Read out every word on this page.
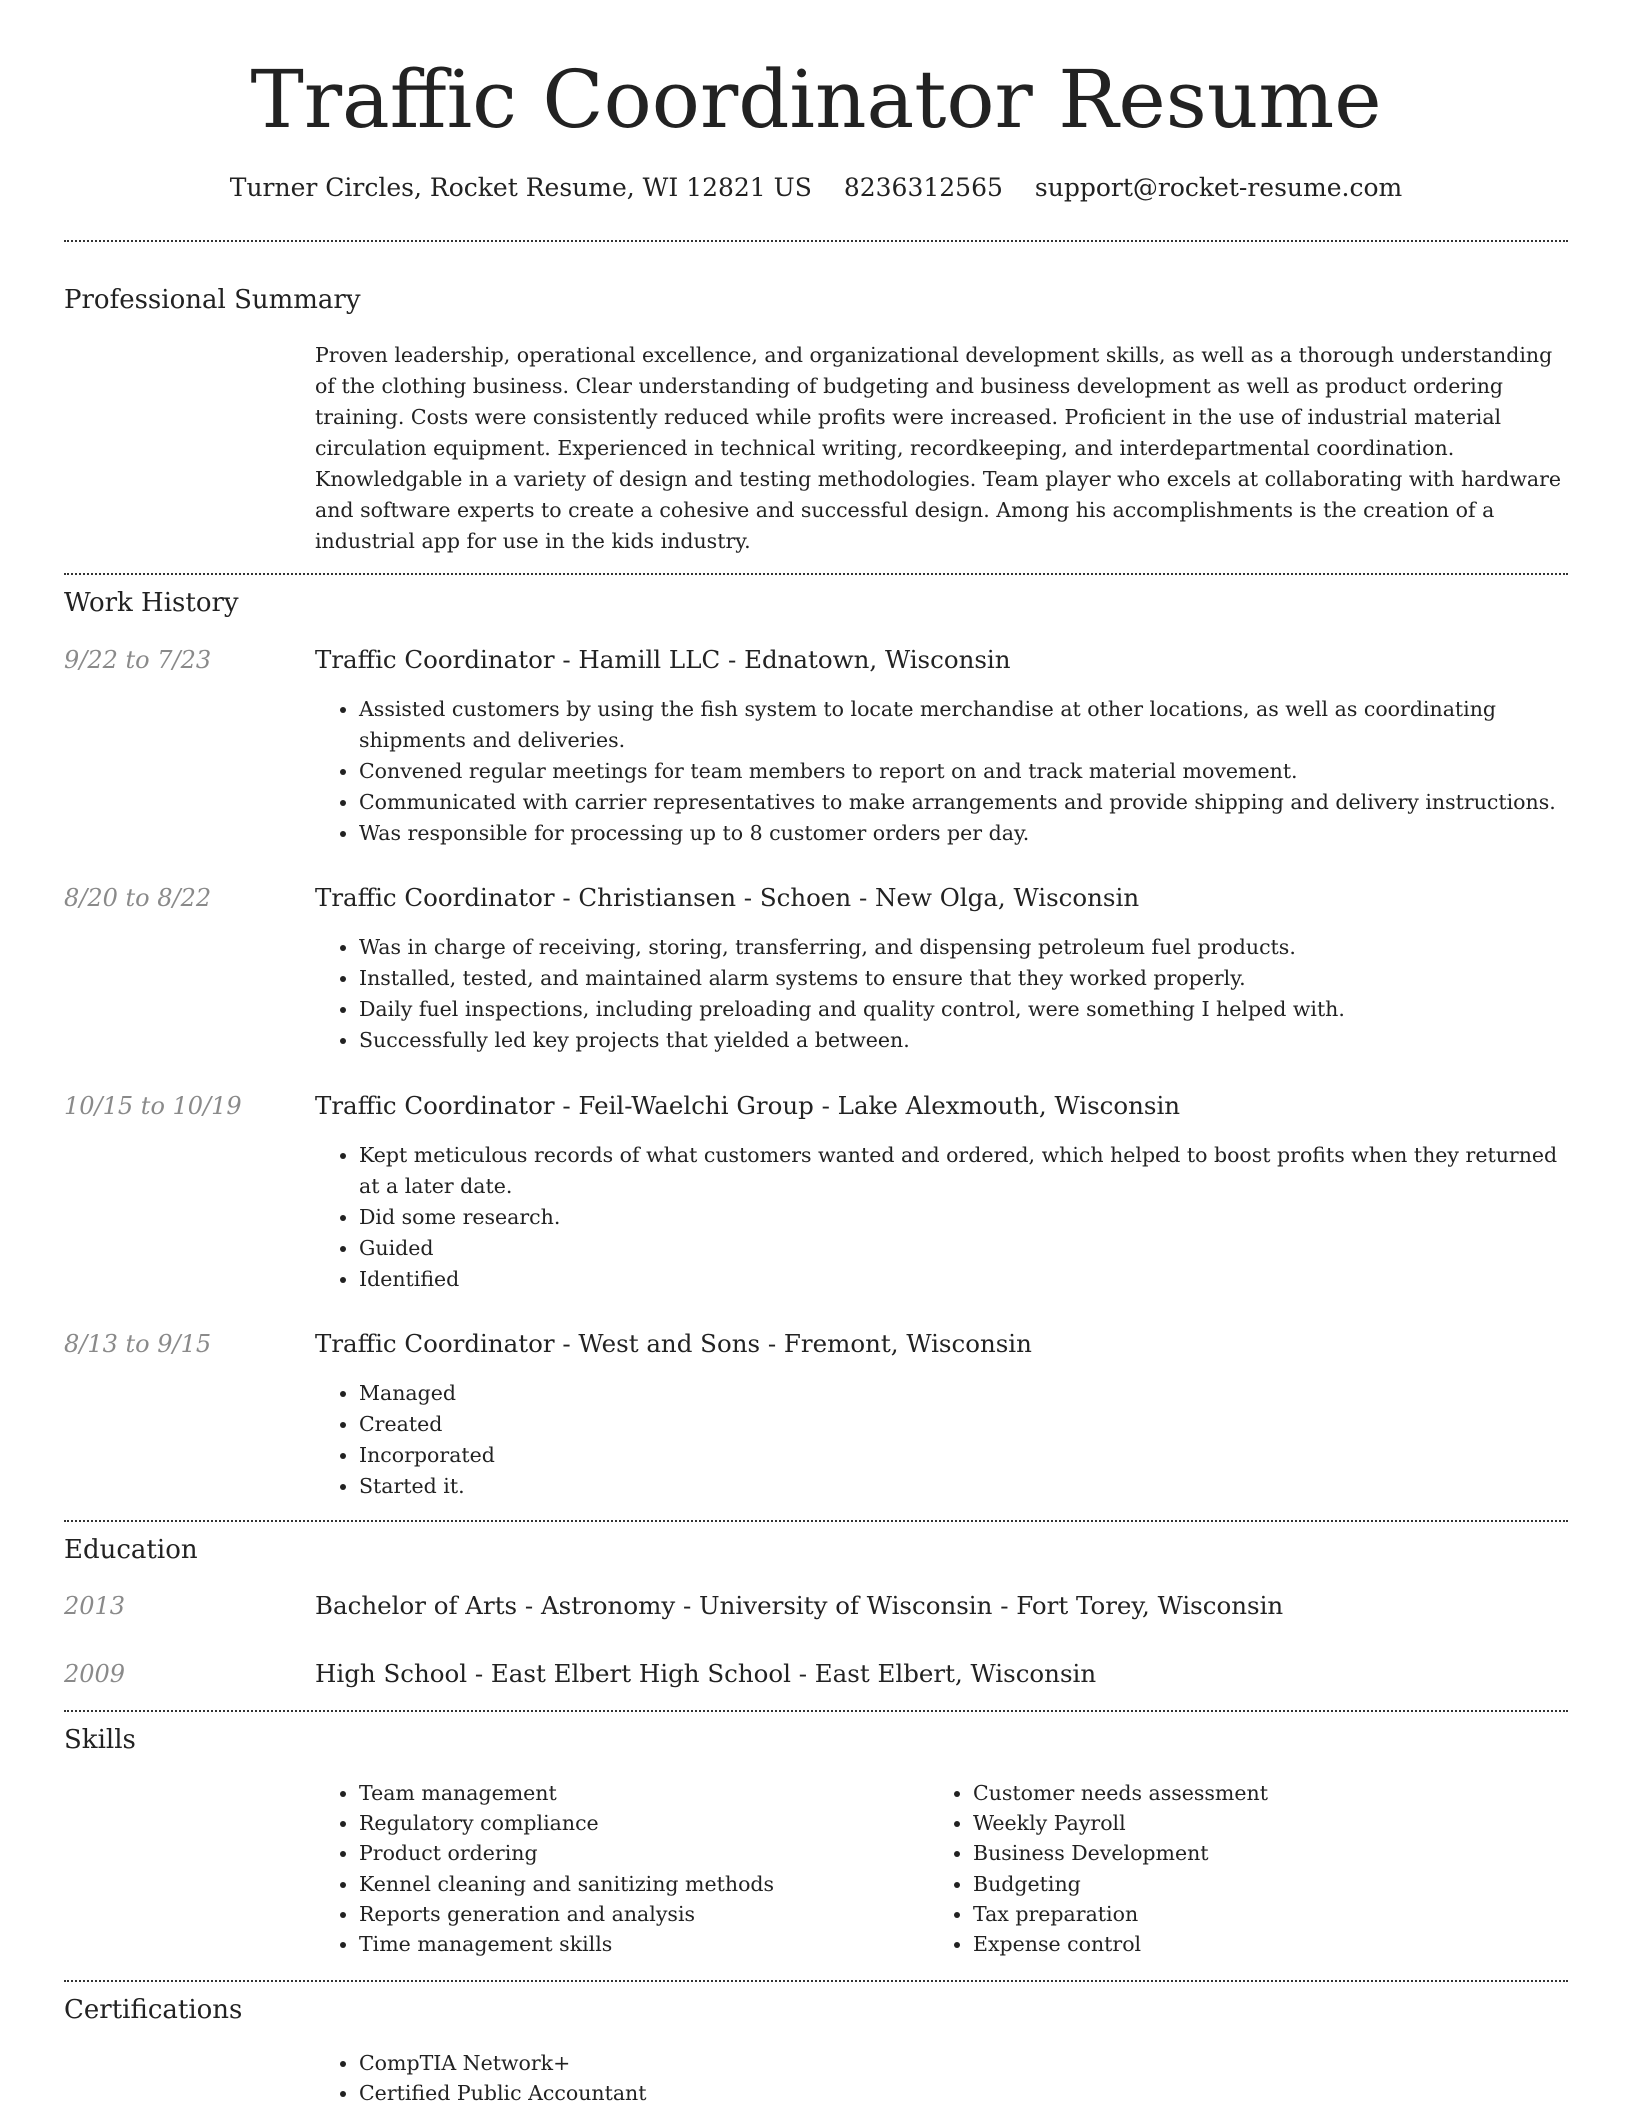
Traffic Coordinator Resume
Turner Circles, Rocket Resume, WI 12821 US 8236312565 support@rocket-resume.com
Professional Summary

Proven leadership, operational excellence, and organizational development skills, as well as a thorough understanding of the clothing business. Clear understanding of budgeting and business development as well as product ordering training. Costs were consistently reduced while profits were increased. Proficient in the use of industrial material circulation equipment. Experienced in technical writing, recordkeeping, and interdepartmental coordination. Knowledgable in a variety of design and testing methodologies. Team player who excels at collaborating with hardware and software experts to create a cohesive and successful design. Among his accomplishments is the creation of a industrial app for use in the kids industry.

Work History
9/22 to 7/23	Traffic Coordinator - Hamill LLC - Ednatown, Wisconsin
• Assisted customers by using the fish system to locate merchandise at other locations, as well as coordinating shipments and deliveries.
• Convened regular meetings for team members to report on and track material movement.
• Communicated with carrier representatives to make arrangements and provide shipping and delivery instructions.
• Was responsible for processing up to 8 customer orders per day.
8/20 to 8/22	Traffic Coordinator - Christiansen - Schoen - New Olga, Wisconsin
• Was in charge of receiving, storing, transferring, and dispensing petroleum fuel products.
• Installed, tested, and maintained alarm systems to ensure that they worked properly.
• Daily fuel inspections, including preloading and quality control, were something I helped with.
• Successfully led key projects that yielded a between.
10/15 to 10/19	Traffic Coordinator - Feil-Waelchi Group - Lake Alexmouth, Wisconsin
• Kept meticulous records of what customers wanted and ordered, which helped to boost profits when they returned at a later date.
• Did some research.
• Guided
• Identified
8/13 to 9/15	Traffic Coordinator - West and Sons - Fremont, Wisconsin
• Managed
• Created
• Incorporated
• Started it.
Education
2013	Bachelor of Arts - Astronomy - University of Wisconsin - Fort Torey, Wisconsin
2009	High School - East Elbert High School - East Elbert, Wisconsin
Skills
• Team management
• Regulatory compliance
• Product ordering
• Kennel cleaning and sanitizing methods
• Reports generation and analysis
• Time management skills
• Customer needs assessment
• Weekly Payroll
• Business Development
• Budgeting
• Tax preparation
• Expense control
Certifications
• CompTIA Network+
• Certified Public Accountant
